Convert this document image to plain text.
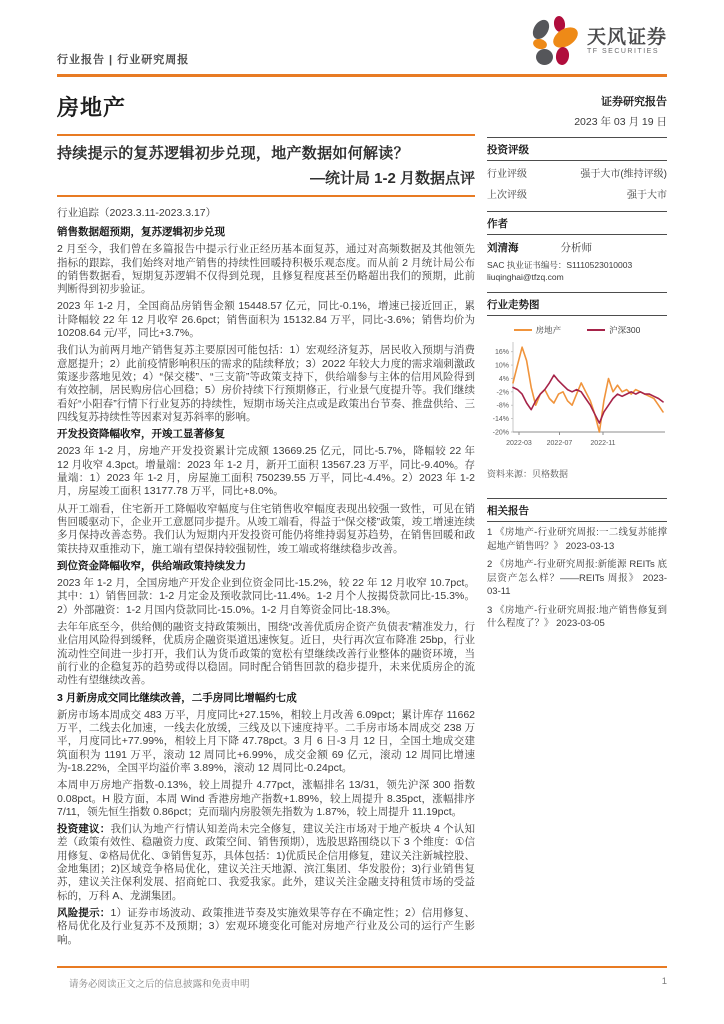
行业报告 | 行业研究周报
天风证券
TF SECURITIES
房地产
持续提示的复苏逻辑初步兑现，地产数据如何解读？
—统计局 1-2 月数据点评
行业追踪（2023.3.11-2023.3.17）
销售数据超预期，复苏逻辑初步兑现

2 月至今，我们曾在多篇报告中提示行业正经历基本面复苏，通过对高频数据及其他领先指标的跟踪，我们始终对地产销售的持续性回暖持积极乐观态度。而从前 2 月统计局公布的销售数据看，短期复苏逻辑不仅得到兑现，且修复程度甚至仍略超出我们的预期，此前判断得到初步验证。

2023 年 1-2 月，全国商品房销售金额 15448.57 亿元，同比-0.1%，增速已接近回正，累计降幅较 22 年 12 月收窄 26.6pct；销售面积为 15132.84 万平，同比-3.6%；销售均价为 10208.64 元/平，同比+3.7%。

我们认为前两月地产销售复苏主要原因可能包括：1）宏观经济复苏，居民收入预期与消费意愿提升；2）此前疫情影响积压的需求的陆续释放；3）2022 年较大力度的需求端刺激政策逐步落地见效；4）“保交楼”、“三支箭”等政策支持下，供给端参与主体的信用风险得到有效控制，居民购房信心回稳；5）房价持续下行预期修正，行业景气度提升等。我们继续看好“小阳春”行情下行业复苏的持续性，短期市场关注点或是政策出台节奏、推盘供给、三四线复苏持续性等因素对复苏斜率的影响。

开发投资降幅收窄，开竣工显著修复

2023 年 1-2 月，房地产开发投资累计完成额 13669.25 亿元，同比-5.7%，降幅较 22 年 12 月收窄 4.3pct。增量端：2023 年 1-2 月，新开工面积 13567.23 万平，同比-9.40%。存量端：1）2023 年 1-2 月，房屋施工面积 750239.55 万平，同比-4.4%。2）2023 年 1-2 月，房屋竣工面积 13177.78 万平，同比+8.0%。

从开工端看，住宅新开工降幅收窄幅度与住宅销售收窄幅度表现出较强一致性，可见在销售回暖驱动下，企业开工意愿同步提升。从竣工端看，得益于“保交楼”政策，竣工增速连续多月保持改善态势。我们认为短期内开发投资可能仍将维持弱复苏趋势，在销售回暖和政策扶持双重推动下，施工端有望保持较强韧性，竣工端或将继续稳步改善。

到位资金降幅收窄，供给端政策持续发力

2023 年 1-2 月，全国房地产开发企业到位资金同比-15.2%，较 22 年 12 月收窄 10.7pct。其中：1）销售回款：1-2 月定金及预收款同比-11.4%。1-2 月个人按揭贷款同比-15.3%。2）外部融资：1-2 月国内贷款同比-15.0%。1-2 月自筹资金同比-18.3%。

去年年底至今，供给侧的融资支持政策频出，围绕“改善优质房企资产负债表”精准发力，行业信用风险得到缓释，优质房企融资渠道迅速恢复。近日，央行再次宣布降准 25bp，行业流动性空间进一步打开，我们认为货币政策的宽松有望继续改善行业整体的融资环境，当前行业的企稳复苏的趋势或得以稳固。同时配合销售回款的稳步提升，未来优质房企的流动性有望继续改善。

3 月新房成交同比继续改善，二手房同比增幅约七成

新房市场本周成交 483 万平，月度同比+27.15%，相较上月改善 6.09pct；累计库存 11662 万平，二线去化加速，一线去化放缓，三线及以下速度持平。二手房市场本周成交 238 万平，月度同比+77.99%，相较上月下降 47.78pct。3 月 6 日-3 月 12 日，全国土地成交建筑面积为 1191 万平，滚动 12 周同比+6.99%，成交金额 69 亿元，滚动 12 周同比增速为-18.22%，全国平均溢价率 3.89%，滚动 12 周同比-0.24pct。

本周申万房地产指数-0.13%，较上周提升 4.77pct，涨幅排名 13/31，领先沪深 300 指数 0.08pct。H 股方面，本周 Wind 香港房地产指数+1.89%，较上周提升 8.35pct，涨幅排序 7/11，领先恒生指数 0.86pct；克而瑞内房股领先指数为 1.87%，较上周提升 11.19pct。

投资建议：我们认为地产行情认知差尚未完全修复，建议关注市场对于地产板块 4 个认知差（政策有效性、稳融资力度、政策空间、销售预期），选股思路围绕以下 3 个维度：①信用修复、②格局优化、③销售复苏，具体包括：1)优质民企信用修复，建议关注新城控股、金地集团；2)区域竞争格局优化，建议关注天地源、滨江集团、华发股份；3)行业销售复苏，建议关注保利发展、招商蛇口、我爱我家。此外，建议关注金融支持租赁市场的受益标的，万科 A、龙湖集团。

风险提示：1）证券市场波动、政策推进节奏及实施效果等存在不确定性；2）信用修复、格局优化及行业复苏不及预期；3）宏观环境变化可能对房地产行业及公司的运行产生影响。

证券研究报告
2023 年 03 月 19 日
投资评级
行业评级	强于大市(维持评级)
上次评级	强于大市
作者
刘清海	分析师
SAC 执业证书编号：S1110523010003
liuqinghai@tfzq.com
行业走势图
房地产	沪深300
16%
10%
4%
-2%
-8%
-14%
-20%
2022-03 2022-07	2022-11
资料来源：贝格数据
相关报告
1 《房地产-行业研究周报:一二线复苏能撑起地产销售吗？》 2023-03-13
2 《房地产-行业研究周报:新能源 REITs 底层资产怎么样？——REITs 周报》 2023-03-11
3 《房地产-行业研究周报:地产销售修复到什么程度了？》 2023-03-05
请务必阅读正文之后的信息披露和免责申明	1
